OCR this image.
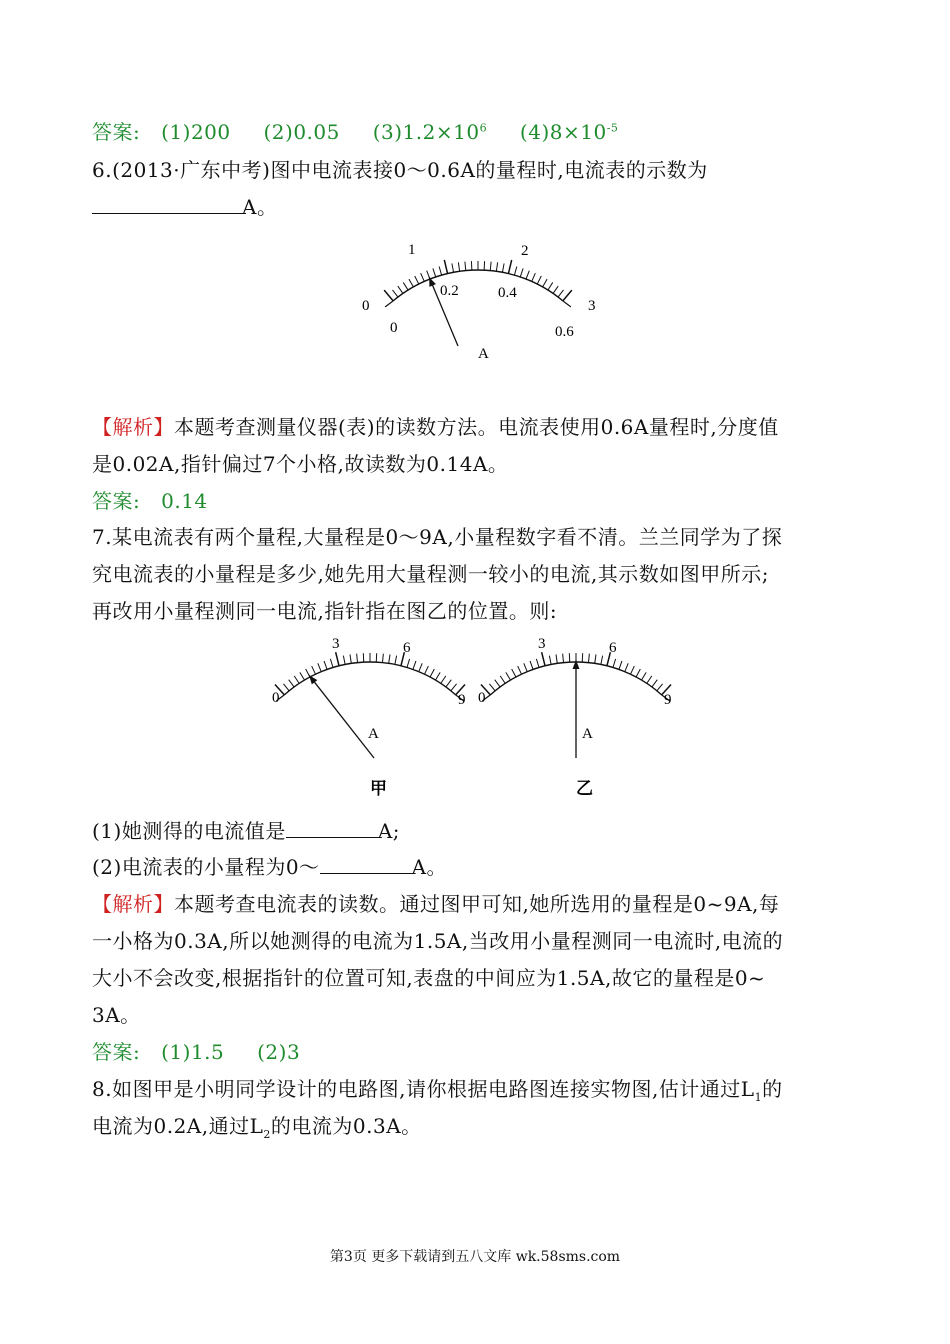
答案: (1)200 (2)0.05 $(3)1.2\times 10^6$ $(4)8\times 10^{-5}$
6.(2013·广东中考)图中电流表接0～0.6A的量程时,电流表的示数为
A。
0
0
1
0.2
2
0.4
3
0.6
A
【解析】本题考查测量仪器(表)的读数方法。电流表使用0.6A量程时,分度值
是0.02A,指针偏过7个小格,故读数为0.14A。
答案: 0.14
7.某电流表有两个量程,大量程是0～9A,小量程数字看不清。兰兰同学为了探
究电流表的小量程是多少,她先用大量程测一较小的电流,其示数如图甲所示;
再改用小量程测同一电流,指针指在图乙的位置。则:
0
3	6
9
A
甲
0
3	6
9
A
乙
(1)她测得的电流值是	A;
(2)电流表的小量程为0～	A。
【解析】本题考查电流表的读数。通过图甲可知,她所选用的量程是0~9A,每
一小格为0.3A,所以她测得的电流为1.5A,当改用小量程测同一电流时,电流的
大小不会改变,根据指针的位置可知,表盘的中间应为1.5A,故它的量程是0~
3A。
答案: (1)1.5 (2)3
8.如图甲是小明同学设计的电路图,请你根据电路图连接实物图,估计通过$L_1$的
电流为0.2A,通过$L_2$的电流为0.3A。
第3页 更多下载请到五八文库 wk.58sms.com
